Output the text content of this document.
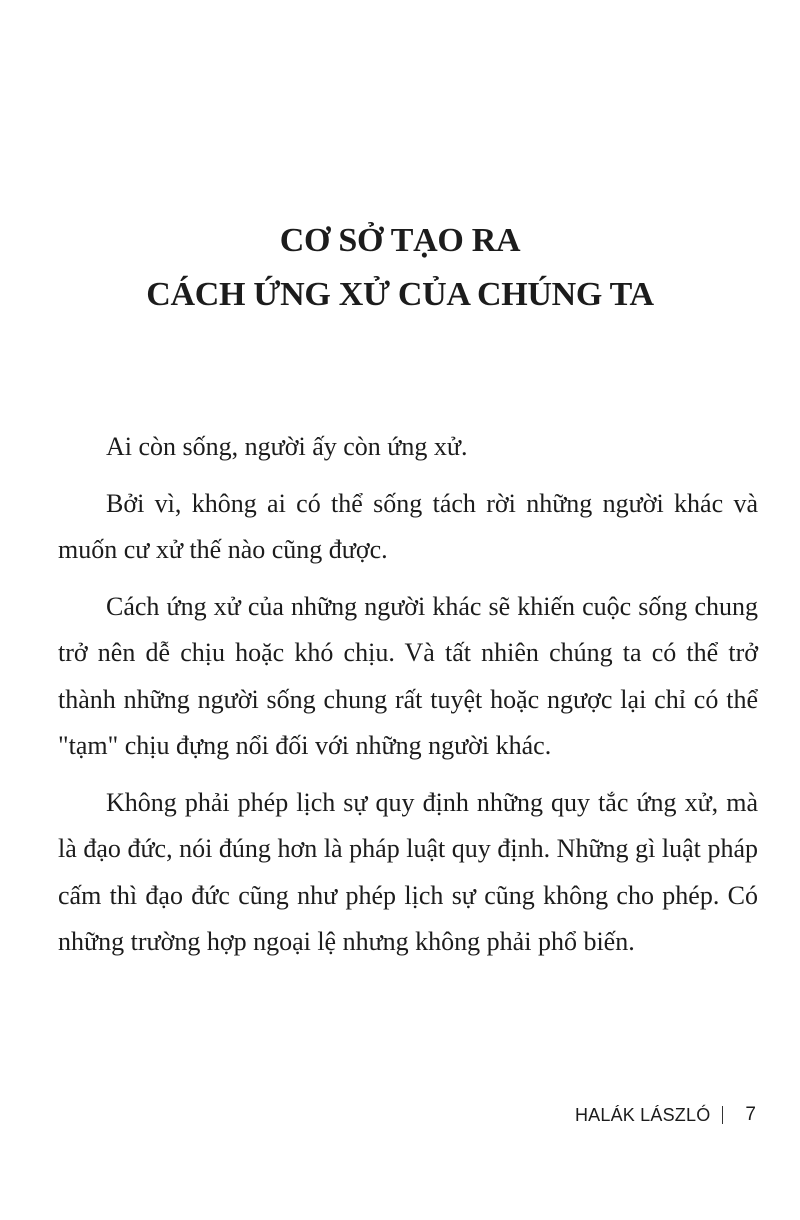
CƠ SỞ TẠO RA
CÁCH ỨNG XỬ CỦA CHÚNG TA

Ai còn sống, người ấy còn ứng xử.

Bởi vì, không ai có thể sống tách rời những người khác và muốn cư xử thế nào cũng được.

Cách ứng xử của những người khác sẽ khiến cuộc sống chung trở nên dễ chịu hoặc khó chịu. Và tất nhiên chúng ta có thể trở thành những người sống chung rất tuyệt hoặc ngược lại chỉ có thể "tạm" chịu đựng nổi đối với những người khác.

Không phải phép lịch sự quy định những quy tắc ứng xử, mà là đạo đức, nói đúng hơn là pháp luật quy định. Những gì luật pháp cấm thì đạo đức cũng như phép lịch sự cũng không cho phép. Có những trường hợp ngoại lệ nhưng không phải phổ biến.

HALÁK LÁSZLÓ 7
